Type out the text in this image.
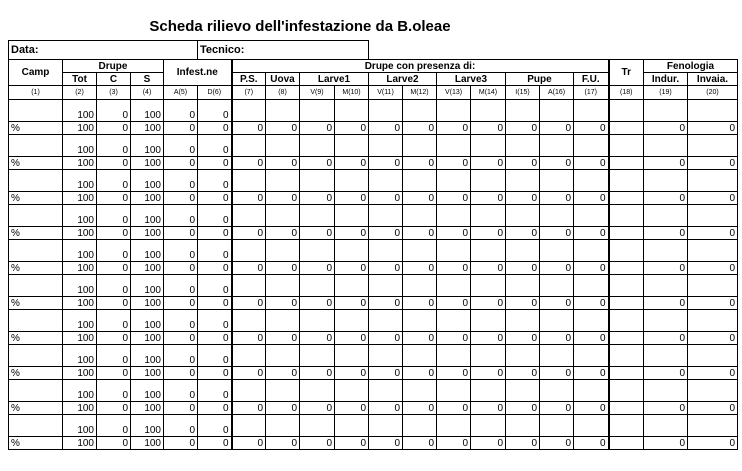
Scheda rilievo dell'infestazione da B.oleae
Data:					Tecnico:														
Camp	Drupe			Infest.ne		Drupe con presenza di:											Tr	Fenologia	
	Tot	C	S			P.S.	Uova	Larve1		Larve2		Larve3		Pupe		F.U.		Indur.	Invaia.
(1)	(2)	(3)	(4)	A(5)	D(6)	(7)	(8)	V(9)	M(10)	V(11)	M(12)	V(13)	M(14)	I(15)	A(16)	(17)	(18)	(19)	(20)
	100	0	100	0	0														
%	100	0	100	0	0	0	0	0	0	0	0	0	0	0	0	0		0	0
	100	0	100	0	0														
%	100	0	100	0	0	0	0	0	0	0	0	0	0	0	0	0		0	0
	100	0	100	0	0														
%	100	0	100	0	0	0	0	0	0	0	0	0	0	0	0	0		0	0
	100	0	100	0	0														
%	100	0	100	0	0	0	0	0	0	0	0	0	0	0	0	0		0	0
	100	0	100	0	0														
%	100	0	100	0	0	0	0	0	0	0	0	0	0	0	0	0		0	0
	100	0	100	0	0														
%	100	0	100	0	0	0	0	0	0	0	0	0	0	0	0	0		0	0
	100	0	100	0	0														
%	100	0	100	0	0	0	0	0	0	0	0	0	0	0	0	0		0	0
	100	0	100	0	0														
%	100	0	100	0	0	0	0	0	0	0	0	0	0	0	0	0		0	0
	100	0	100	0	0														
%	100	0	100	0	0	0	0	0	0	0	0	0	0	0	0	0		0	0
	100	0	100	0	0														
%	100	0	100	0	0	0	0	0	0	0	0	0	0	0	0	0		0	0
